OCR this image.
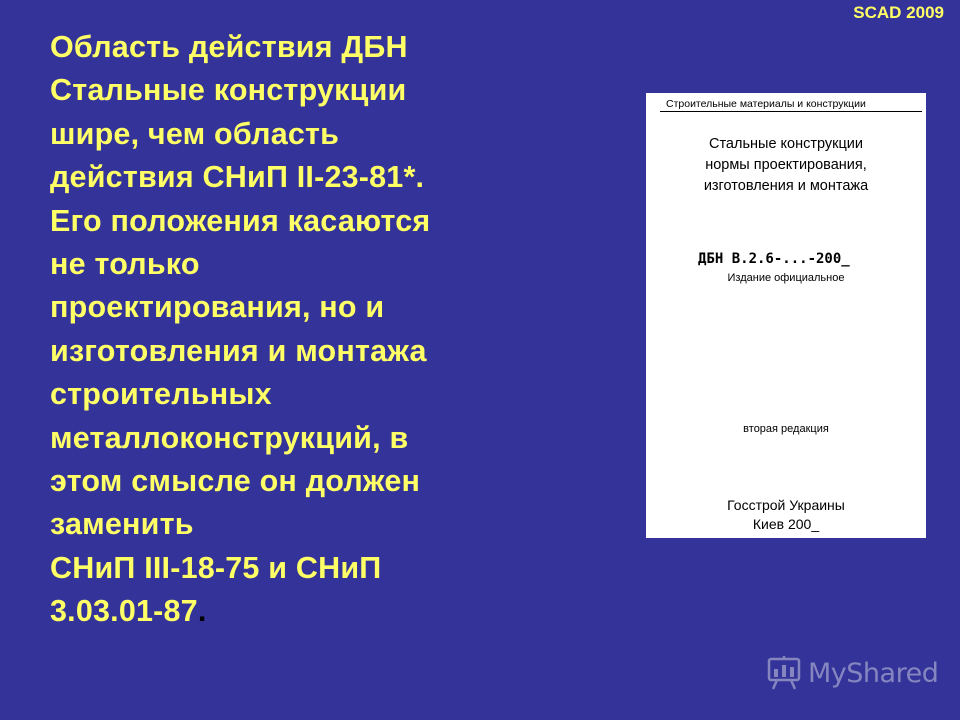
SCAD 2009
Область действия ДБН
Стальные конструкции
шире, чем область
действия СНиП II-23-81*.
Его положения касаются
не только
проектирования, но и
изготовления и монтажа
строительных
металлоконструкций, в
этом смысле он должен
заменить
СНиП III-18-75 и СНиП
3.03.01-87.
Строительные материалы и конструкции
Стальные конструкции
нормы проектирования,
изготовления и монтажа
ДБН В.2.6-...-200_
Издание официальное
вторая редакция
Госстрой Украины
Киев 200_
MyShared
